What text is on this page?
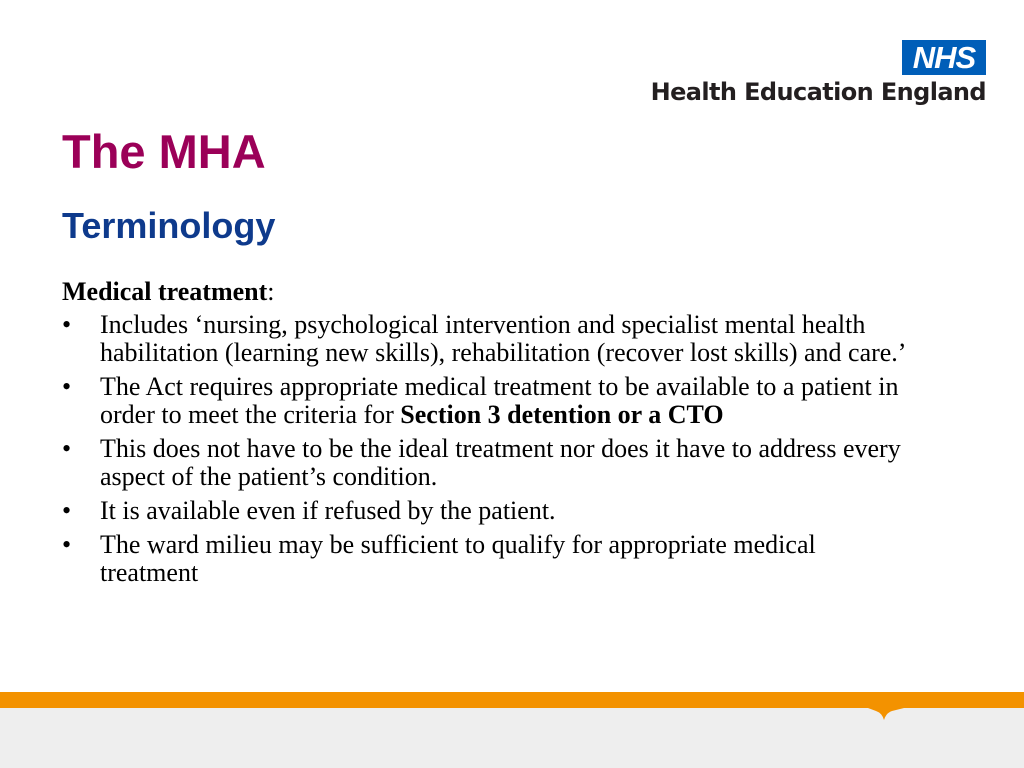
NHS
Health Education England
The MHA
Terminology

Medical treatment:

• Includes ‘nursing, psychological intervention and specialist mental health habilitation (learning new skills), rehabilitation (recover lost skills) and care.’
• The Act requires appropriate medical treatment to be available to a patient in order to meet the criteria for Section 3 detention or a CTO
• This does not have to be the ideal treatment nor does it have to address every aspect of the patient’s condition.
• It is available even if refused by the patient.
• The ward milieu may be sufficient to qualify for appropriate medical treatment
